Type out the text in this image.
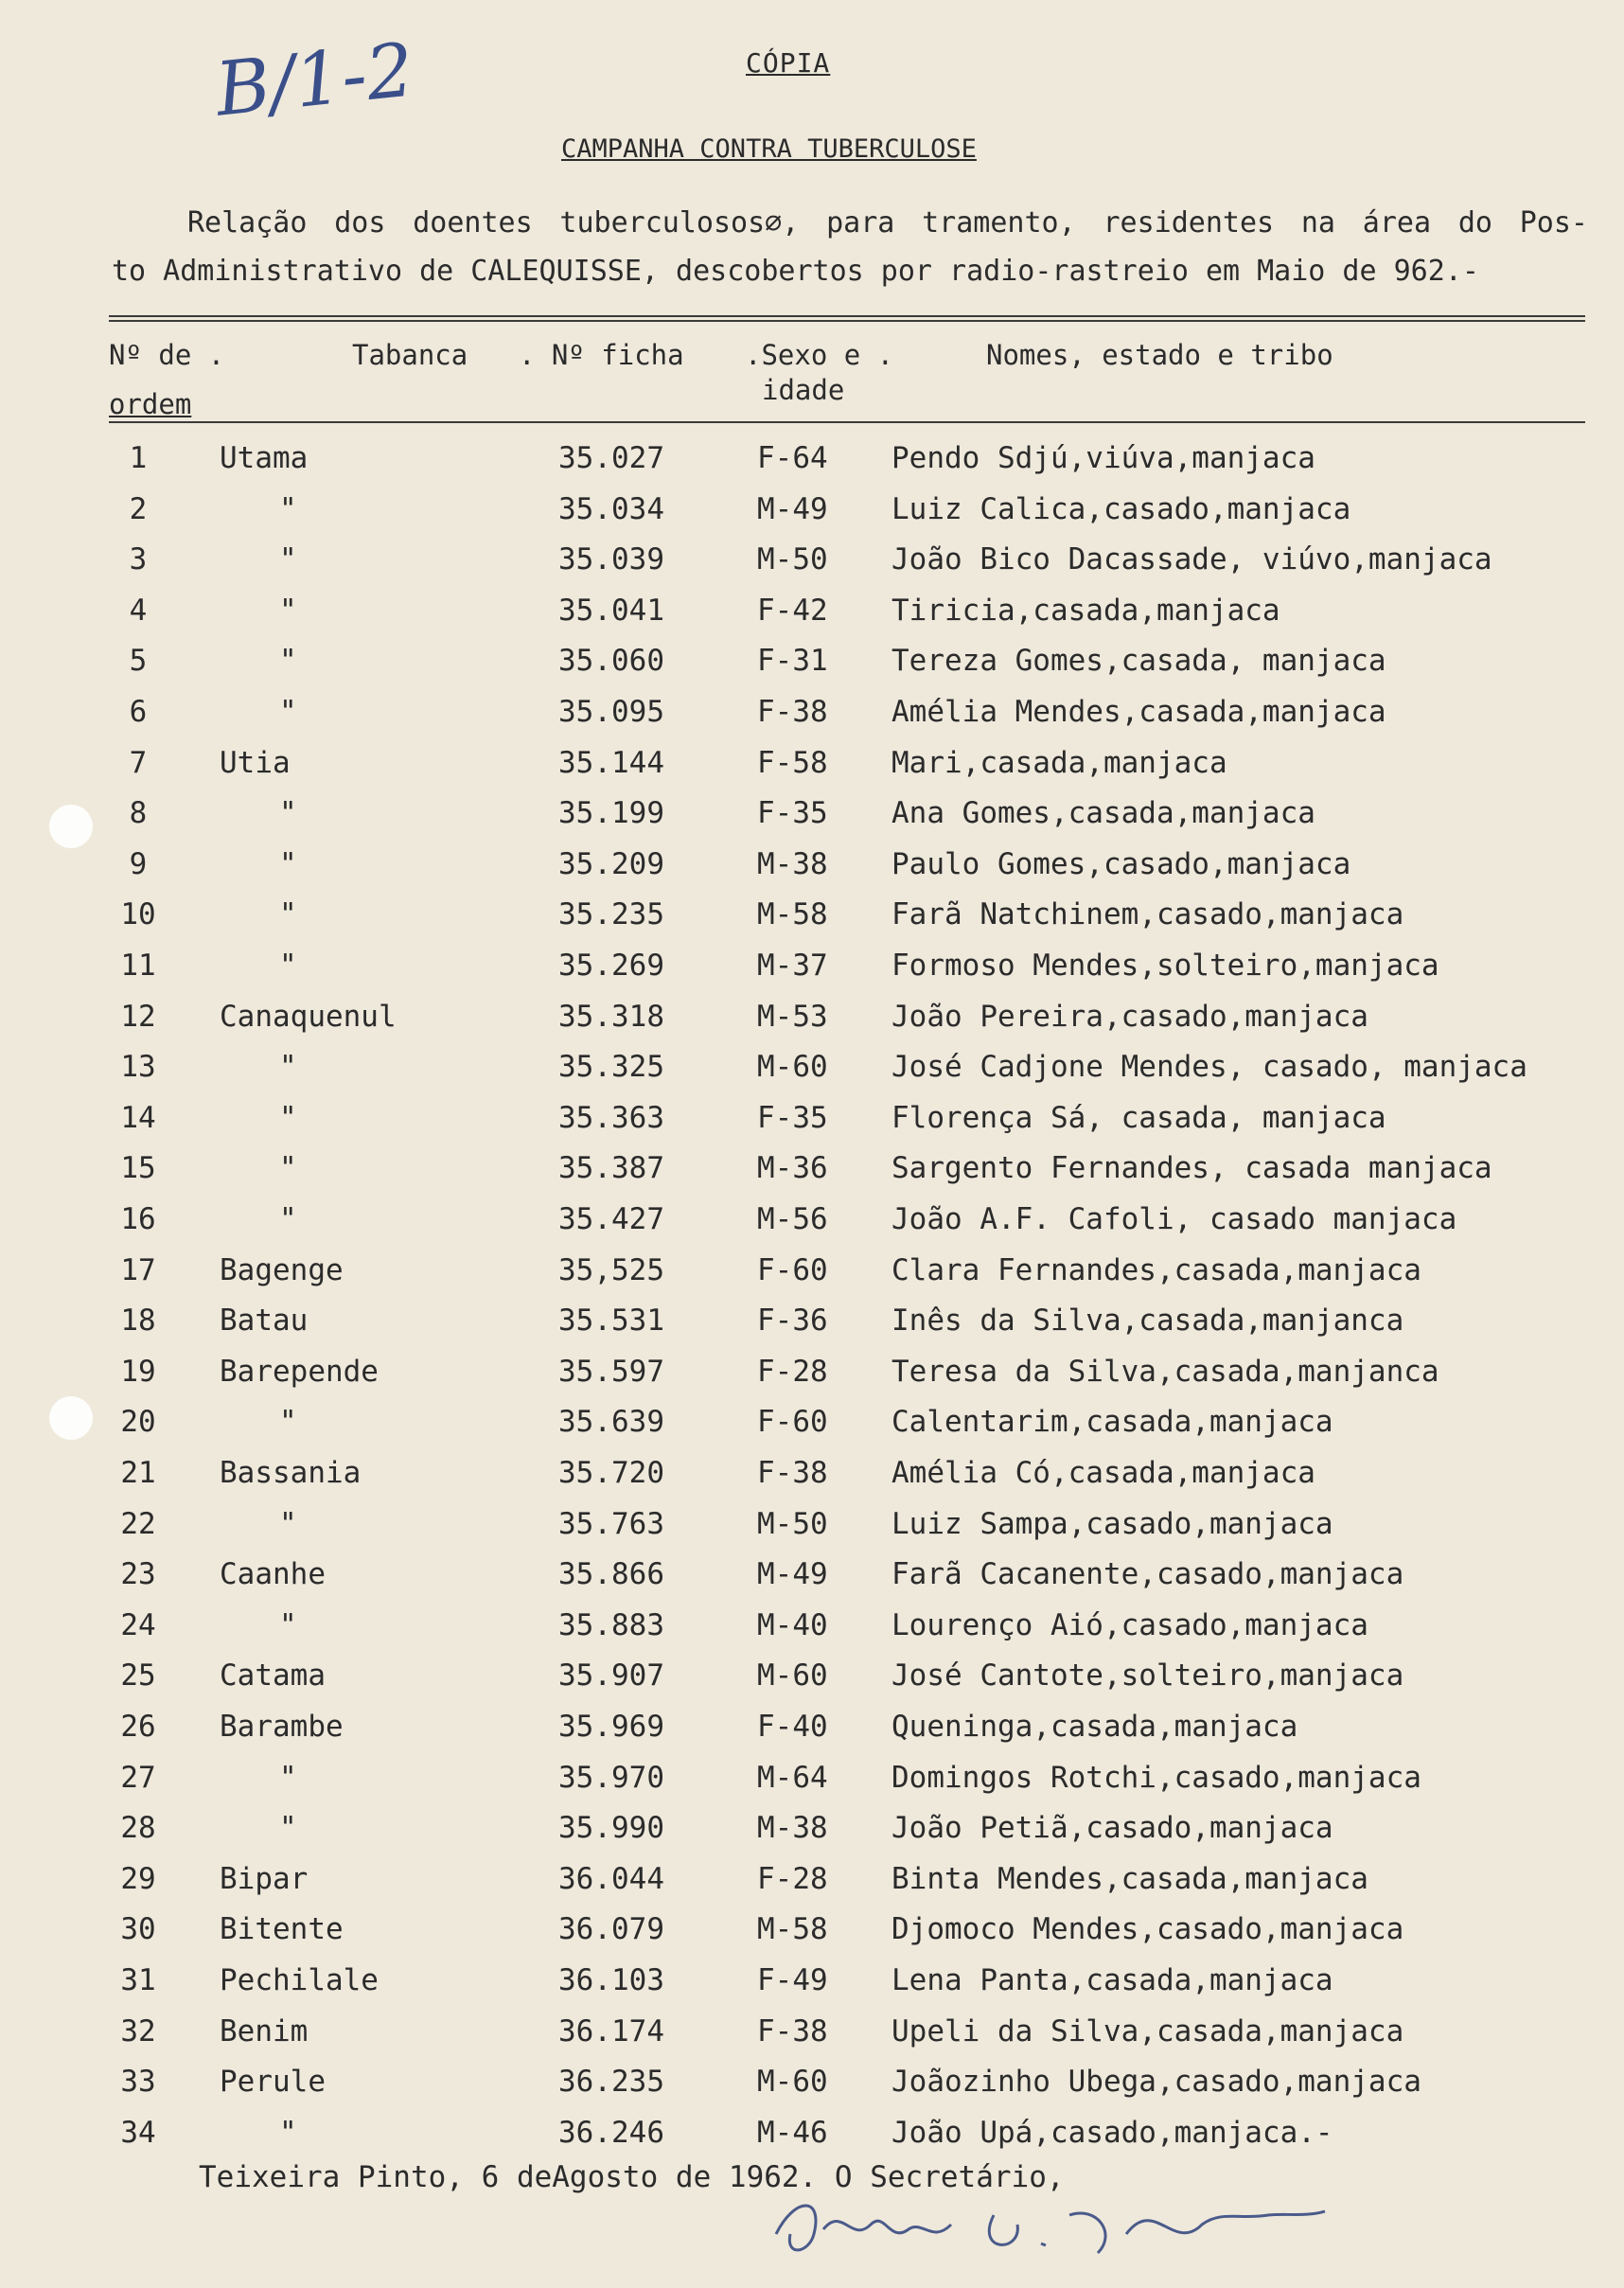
B/1-2	CÓPIA
CAMPANHA CONTRA TUBERCULOSE
Relação dos doentes tuberculosos⌀, para tramento, residentes na área do Pos-
to Administrativo de CALEQUISSE, descobertos por radio-rastreio em Maio de 962.-
Nº de .
ordem
Tabanca . Nº ficha .Sexo e .
idade
Nomes, estado e tribo
1	Utama	35.027	F-64 Pendo Sdjú,viúva,manjaca
2	"	35.034	M-49 Luiz Calica,casado,manjaca
3	"	35.039	M-50 João Bico Dacassade, viúvo,manjaca
4	"	35.041	F-42 Tiricia,casada,manjaca
5	"	35.060	F-31 Tereza Gomes,casada, manjaca
6	"	35.095	F-38 Amélia Mendes,casada,manjaca
7	Utia	35.144	F-58 Mari,casada,manjaca
8	"	35.199	F-35 Ana Gomes,casada,manjaca
9	"	35.209	M-38 Paulo Gomes,casado,manjaca
10	"	35.235	M-58 Farã Natchinem,casado,manjaca
11	"	35.269	M-37 Formoso Mendes,solteiro,manjaca
12	Canaquenul	35.318	M-53 João Pereira,casado,manjaca
13	"	35.325	M-60 José Cadjone Mendes, casado, manjaca
14	"	35.363	F-35 Florença Sá, casada, manjaca
15	"	35.387	M-36 Sargento Fernandes, casada manjaca
16	"	35.427	M-56 João A.F. Cafoli, casado manjaca
17	Bagenge	35,525	F-60 Clara Fernandes,casada,manjaca
18	Batau	35.531	F-36 Inês da Silva,casada,manjanca
19	Barepende	35.597	F-28 Teresa da Silva,casada,manjanca
20	"	35.639	F-60 Calentarim,casada,manjaca
21	Bassania	35.720	F-38 Amélia Có,casada,manjaca
22	"	35.763	M-50 Luiz Sampa,casado,manjaca
23	Caanhe	35.866	M-49 Farã Cacanente,casado,manjaca
24	"	35.883	M-40 Lourenço Aió,casado,manjaca
25	Catama	35.907	M-60 José Cantote,solteiro,manjaca
26	Barambe	35.969	F-40 Queninga,casada,manjaca
27	"	35.970	M-64 Domingos Rotchi,casado,manjaca
28	"	35.990	M-38 João Petiã,casado,manjaca
29	Bipar	36.044	F-28 Binta Mendes,casada,manjaca
30	Bitente	36.079	M-58 Djomoco Mendes,casado,manjaca
31	Pechilale	36.103	F-49 Lena Panta,casada,manjaca
32	Benim	36.174	F-38 Upeli da Silva,casada,manjaca
33	Perule	36.235	M-60 Joãozinho Ubega,casado,manjaca
34	"	36.246	M-46 João Upá,casado,manjaca.-
Teixeira Pinto, 6 deAgosto de 1962. O Secretário,
